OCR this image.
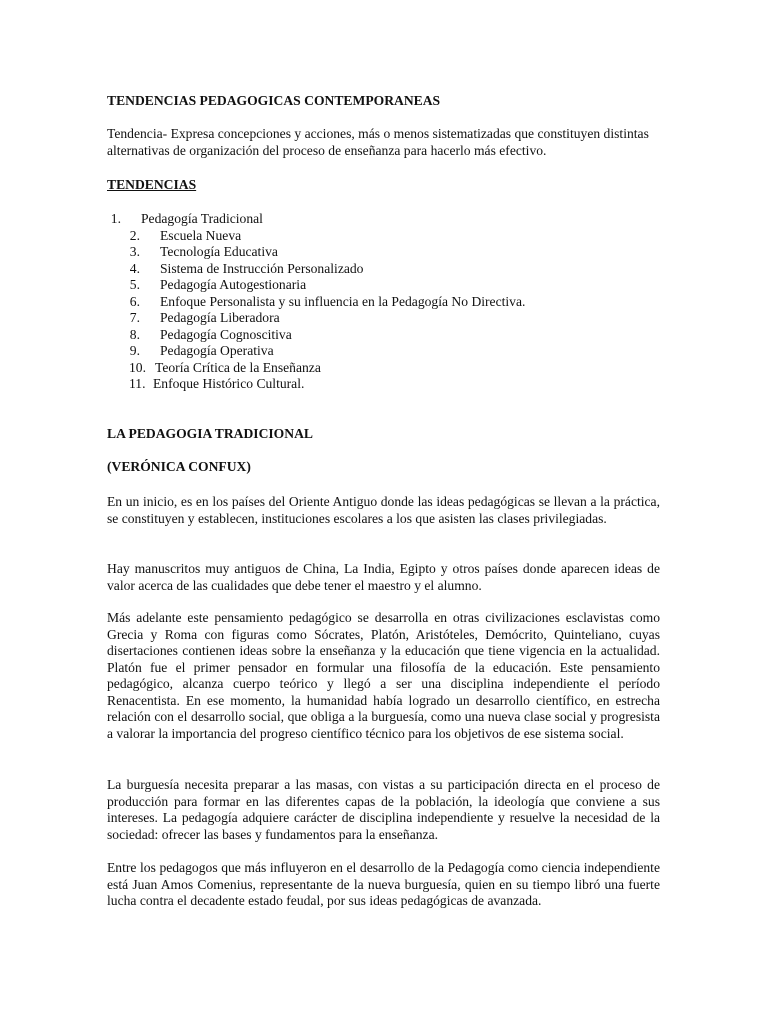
TENDENCIAS PEDAGOGICAS CONTEMPORANEAS
Tendencia- Expresa concepciones y acciones, más o menos sistematizadas que constituyen distintas alternativas de organización del proceso de enseñanza para hacerlo más efectivo.
TENDENCIAS
1. Pedagogía Tradicional
2. Escuela Nueva
3. Tecnología Educativa
4. Sistema de Instrucción Personalizado
5. Pedagogía Autogestionaria
6. Enfoque Personalista y su influencia en la Pedagogía No Directiva.
7. Pedagogía Liberadora
8. Pedagogía Cognoscitiva
9. Pedagogía Operativa
10. Teoría Crítica de la Enseñanza
11. Enfoque Histórico Cultural.
LA PEDAGOGIA TRADICIONAL
(VERÓNICA CONFUX)
En un inicio, es en los países del Oriente Antiguo donde las ideas pedagógicas se llevan a la práctica, se constituyen y establecen, instituciones escolares a los que asisten las clases privilegiadas.
Hay manuscritos muy antiguos de China, La India, Egipto y otros países donde aparecen ideas de valor acerca de las cualidades que debe tener el maestro y el alumno.
Más adelante este pensamiento pedagógico se desarrolla en otras civilizaciones esclavistas como Grecia y Roma con figuras como Sócrates, Platón, Aristóteles, Demócrito, Quinteliano, cuyas disertaciones contienen ideas sobre la enseñanza y la educación que tiene vigencia en la actualidad. Platón fue el primer pensador en formular una filosofía de la educación. Este pensamiento pedagógico, alcanza cuerpo teórico y llegó a ser una disciplina independiente el período Renacentista. En ese momento, la humanidad había logrado un desarrollo científico, en estrecha relación con el desarrollo social, que obliga a la burguesía, como una nueva clase social y progresista a valorar la importancia del progreso científico técnico para los objetivos de ese sistema social.
La burguesía necesita preparar a las masas, con vistas a su participación directa en el proceso de producción para formar en las diferentes capas de la población, la ideología que conviene a sus intereses. La pedagogía adquiere carácter de disciplina independiente y resuelve la necesidad de la sociedad: ofrecer las bases y fundamentos para la enseñanza.
Entre los pedagogos que más influyeron en el desarrollo de la Pedagogía como ciencia independiente está Juan Amos Comenius, representante de la nueva burguesía, quien en su tiempo libró una fuerte lucha contra el decadente estado feudal, por sus ideas pedagógicas de avanzada.
